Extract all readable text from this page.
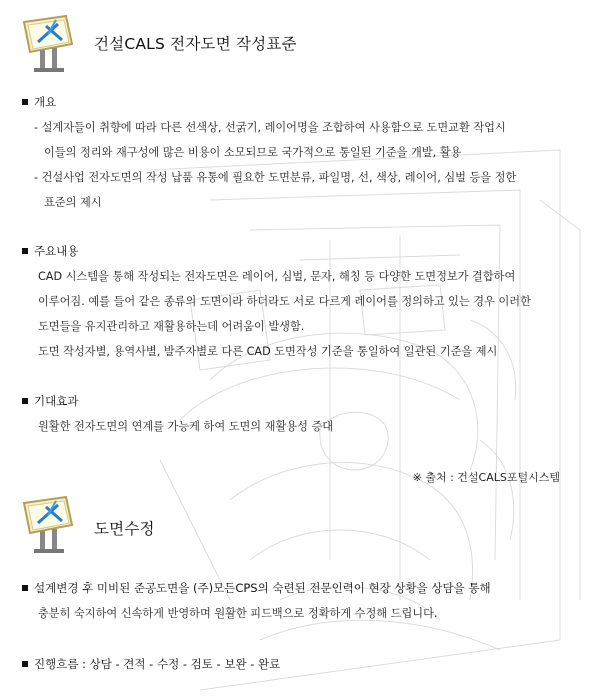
건설CALS 전자도면 작성표준
개요
- 설계자들이 취향에 따라 다른 선색상, 선굵기, 레이어명을 조합하여 사용함으로 도면교환 작업시
이들의 정리와 재구성에 많은 비용이 소모되므로 국가적으로 통일된 기준을 개발, 활용
- 건설사업 전자도면의 작성 납품 유통에 필요한 도면분류, 파일명, 선, 색상, 레이어, 심벌 등을 정한
표준의 제시
주요내용
CAD 시스템을 통해 작성되는 전자도면은 레이어, 심벌, 문자, 해칭 등 다양한 도면정보가 결합하여
이루어짐. 예를 들어 같은 종류의 도면이라 하더라도 서로 다르게 레이어를 정의하고 있는 경우 이러한
도면들을 유지관리하고 재활용하는데 어려움이 발생함.
도면 작성자별, 용역사별, 발주자별로 다른 CAD 도면작성 기준을 통일하여 일관된 기준을 제시
기대효과
원활한 전자도면의 연계를 가능케 하여 도면의 재활용성 증대
※ 출처 : 건설CALS포털시스템
도면수정
설계변경 후 미비된 준공도면을 (주)모든CPS의 숙련된 전문인력이 현장 상황을 상담을 통해
충분히 숙지하여 신속하게 반영하며 원활한 피드백으로 정확하게 수정해 드립니다.
진행흐름 : 상담 - 견적 - 수정 - 검토 - 보완 - 완료
